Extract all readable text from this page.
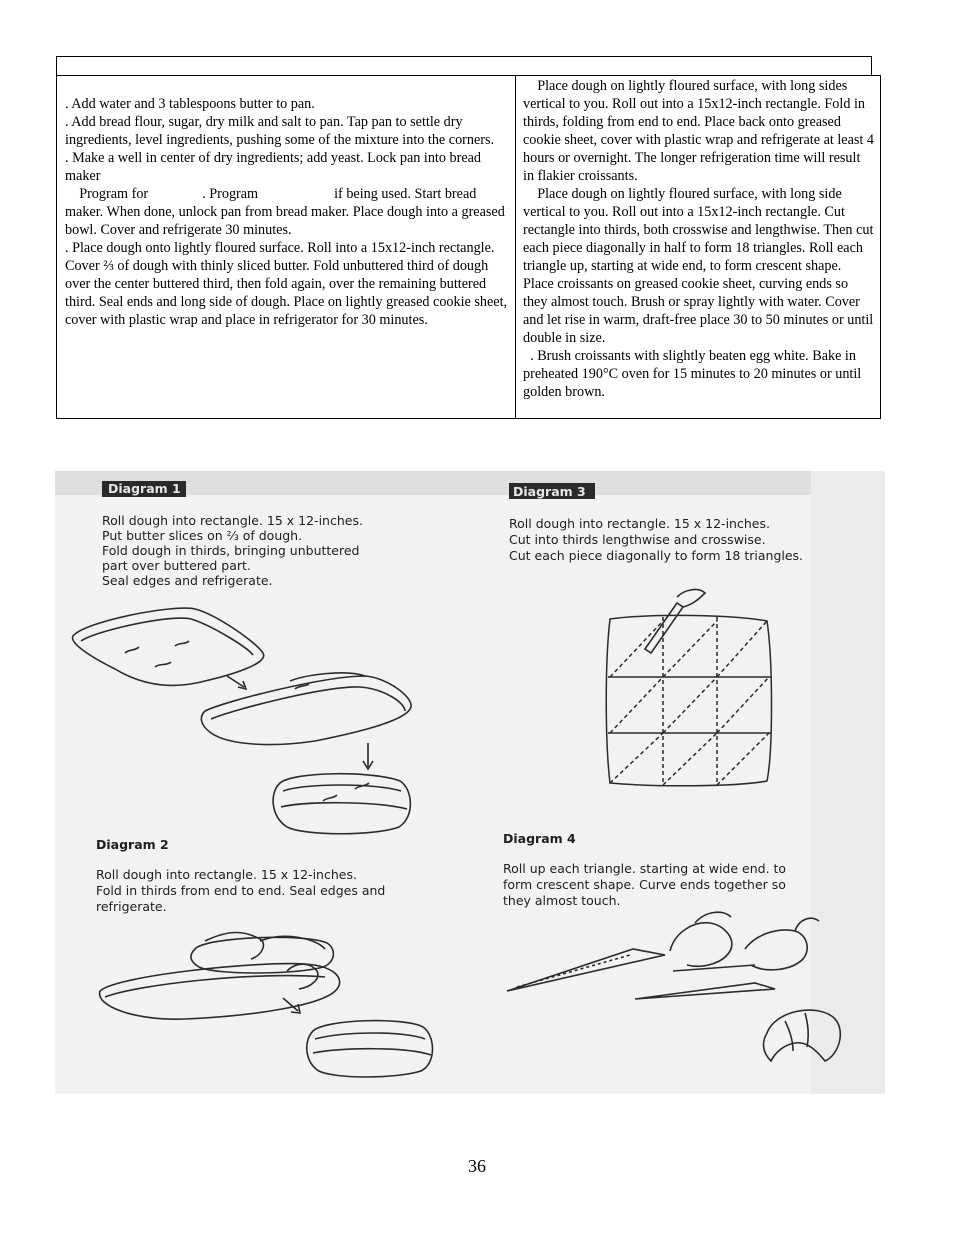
. Add water and 3 tablespoons butter to pan.

. Add bread flour, sugar, dry milk and salt to pan. Tap pan to settle dry ingredients, level ingredients, pushing some of the mixture into the corners.

. Make a well in center of dry ingredients; add yeast. Lock pan into bread maker

Program for	. Program	if being used. Start bread maker. When done, unlock pan from bread maker. Place dough into a greased bowl. Cover and refrigerate 30 minutes.

. Place dough onto lightly floured surface. Roll into a 15x12-inch rectangle. Cover ⅔ of dough with thinly sliced butter. Fold unbuttered third of dough over the center buttered third, then fold again, over the remaining buttered third. Seal ends and long side of dough. Place on lightly greased cookie sheet, cover with plastic wrap and place in refrigerator for 30 minutes.

Place dough on lightly floured surface, with long sides vertical to you. Roll out into a 15x12-inch rectangle. Fold in thirds, folding from end to end. Place back onto greased cookie sheet, cover with plastic wrap and refrigerate at least 4 hours or overnight. The longer refrigeration time will result in flakier croissants.

Place dough on lightly floured surface, with long side vertical to you. Roll out into a 15x12-inch rectangle. Cut rectangle into thirds, both crosswise and lengthwise. Then cut each piece diagonally in half to form 18 triangles. Roll each triangle up, starting at wide end, to form crescent shape. Place croissants on greased cookie sheet, curving ends so they almost touch. Brush or spray lightly with water. Cover and let rise in warm, draft-free place 30 to 50 minutes or until double in size.

. Brush croissants with slightly beaten egg white. Bake in preheated 190°C oven for 15 minutes to 20 minutes or until golden brown.

Diagram 1
Roll dough into rectangle. 15 x 12-inches.
Put butter slices on ⅔ of dough.
Fold dough in thirds, bringing unbuttered
part over buttered part.
Seal edges and refrigerate.
Diagram 2
Roll dough into rectangle. 15 x 12-inches.
Fold in thirds from end to end. Seal edges and
refrigerate.
Diagram 3
Roll dough into rectangle. 15 x 12-inches.
Cut into thirds lengthwise and crosswise.
Cut each piece diagonally to form 18 triangles.
Diagram 4
Roll up each triangle. starting at wide end. to
form crescent shape. Curve ends together so
they almost touch.
36
